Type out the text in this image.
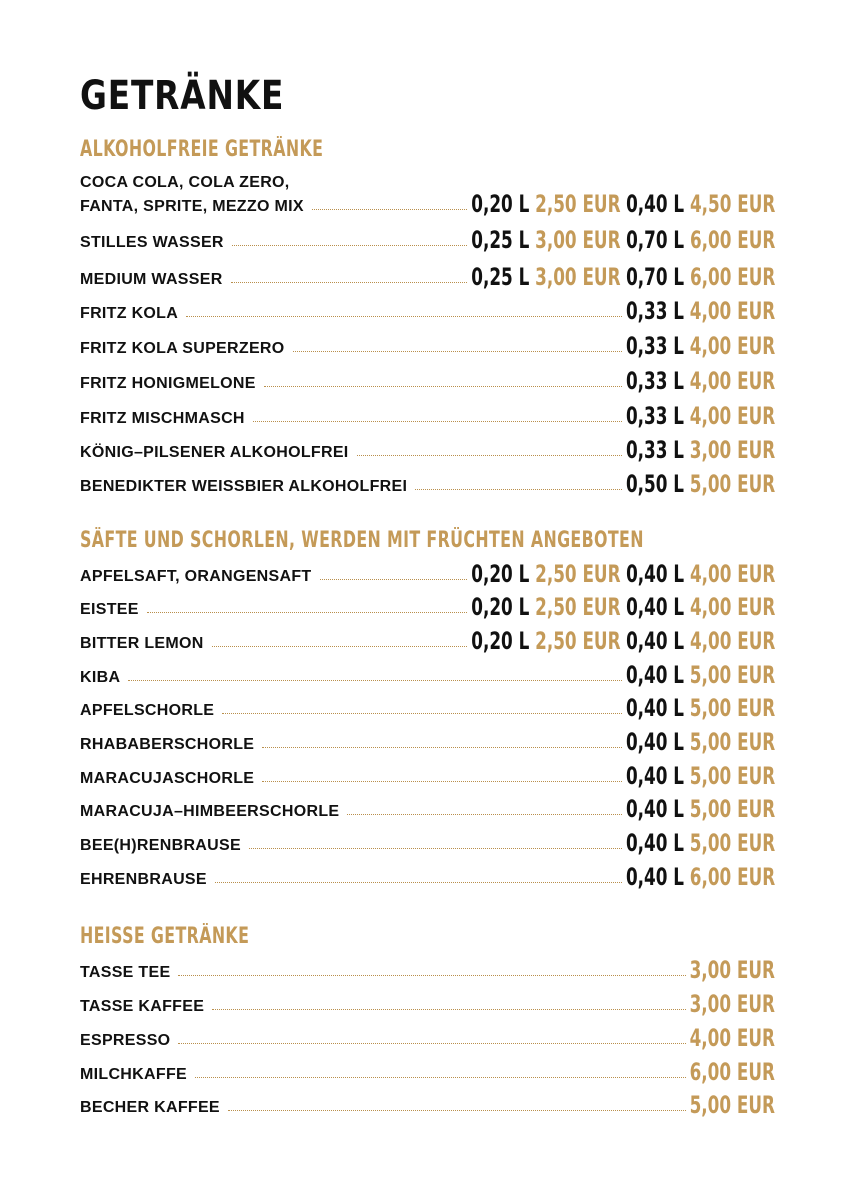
GETRÄNKE
ALKOHOLFREIE GETRÄNKE
COCA COLA, COLA ZERO,
FANTA, SPRITE, MEZZO MIX	0,20 L 2,50 EUR 0,40 L 4,50 EUR
STILLES WASSER	0,25 L 3,00 EUR 0,70 L 6,00 EUR
MEDIUM WASSER	0,25 L 3,00 EUR 0,70 L 6,00 EUR
FRITZ KOLA	0,33 L 4,00 EUR
FRITZ KOLA SUPERZERO	0,33 L 4,00 EUR
FRITZ HONIGMELONE	0,33 L 4,00 EUR
FRITZ MISCHMASCH	0,33 L 4,00 EUR
KÖNIG–PILSENER ALKOHOLFREI	0,33 L 3,00 EUR
BENEDIKTER WEISSBIER ALKOHOLFREI	0,50 L 5,00 EUR
SÄFTE UND SCHORLEN, WERDEN MIT FRÜCHTEN ANGEBOTEN
APFELSAFT, ORANGENSAFT	0,20 L 2,50 EUR 0,40 L 4,00 EUR
EISTEE	0,20 L 2,50 EUR 0,40 L 4,00 EUR
BITTER LEMON	0,20 L 2,50 EUR 0,40 L 4,00 EUR
KIBA	0,40 L 5,00 EUR
APFELSCHORLE	0,40 L 5,00 EUR
RHABABERSCHORLE	0,40 L 5,00 EUR
MARACUJASCHORLE	0,40 L 5,00 EUR
MARACUJA–HIMBEERSCHORLE	0,40 L 5,00 EUR
BEE(H)RENBRAUSE	0,40 L 5,00 EUR
EHRENBRAUSE	0,40 L 6,00 EUR
HEISSE GETRÄNKE
TASSE TEE	3,00 EUR
TASSE KAFFEE	3,00 EUR
ESPRESSO	4,00 EUR
MILCHKAFFE	6,00 EUR
BECHER KAFFEE	5,00 EUR
